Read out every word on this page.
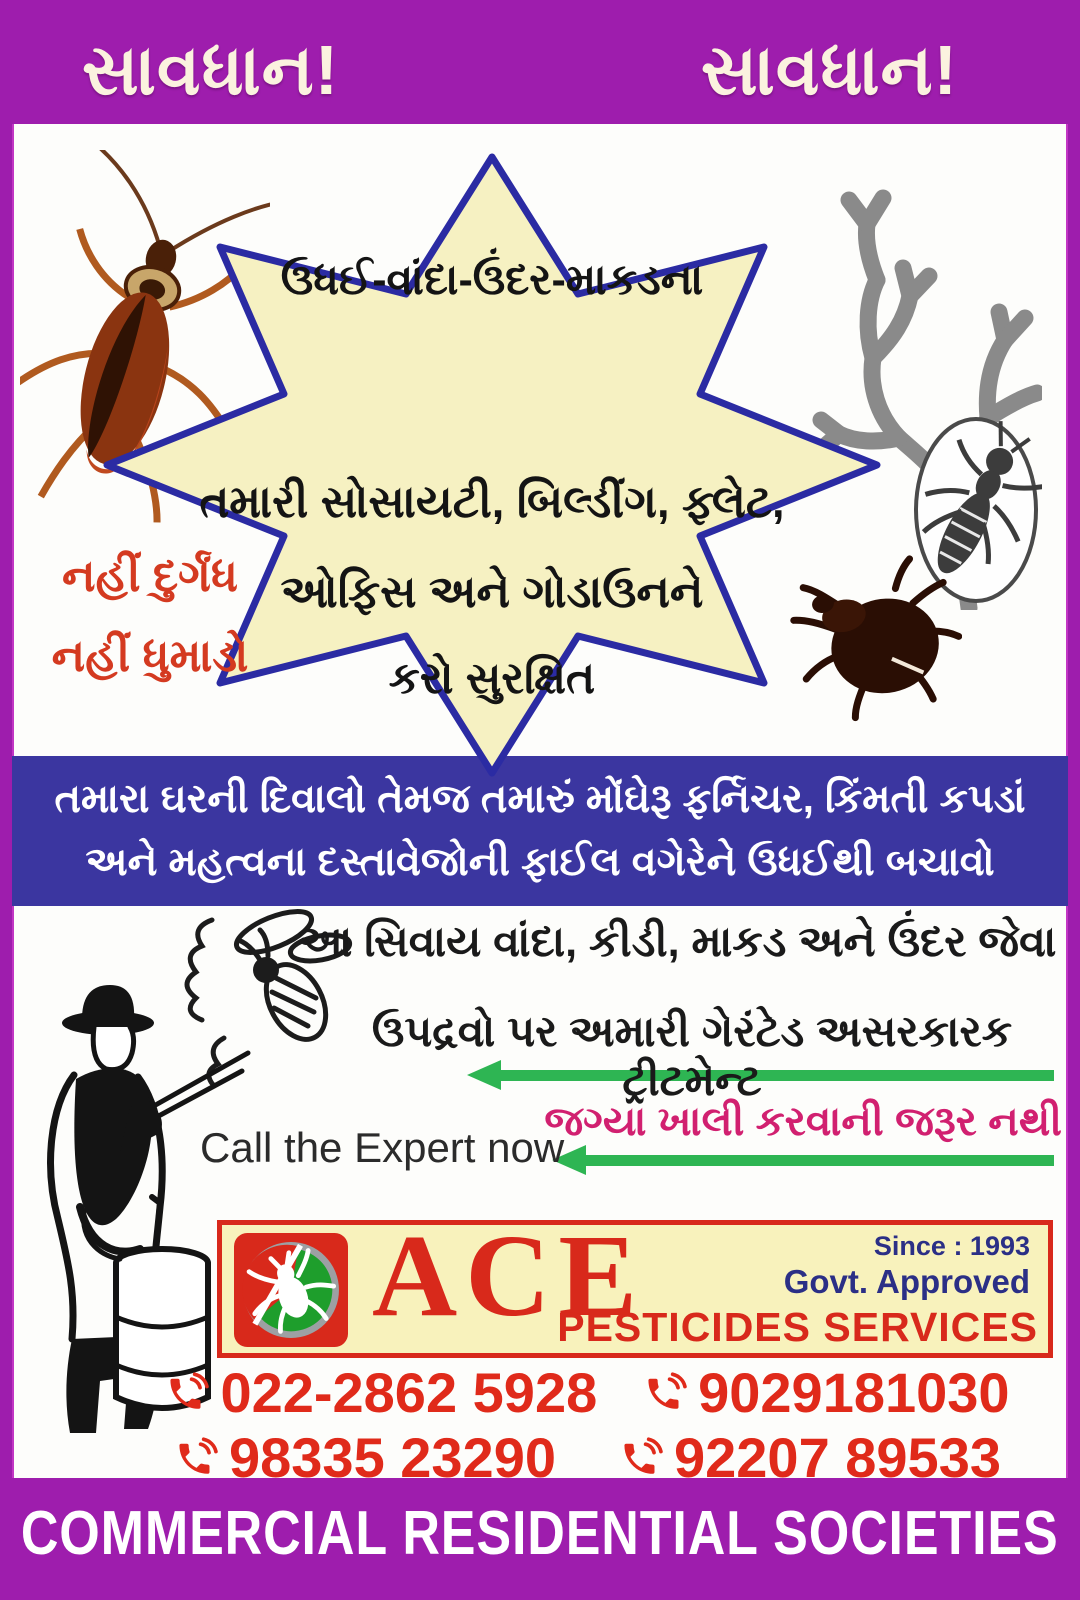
સાવધાન!	સાવધાન!
ઉધઈ-વાંદા-ઉંદર-માકડના
તમારી સોસાયટી, બિલ્ડીંગ, ફ્લેટ,
ઓફિસ અને ગોડાઉનને
કરો સુરક્ષિત
નહીં દુર્ગંધ
નહીં ધુમાડો
તમારા ઘરની દિવાલો તેમજ તમારું મોંઘેરૂ ફર્નિચર, કિંમતી કપડાં
અને મહત્વના દસ્તાવેજોની ફાઈલ વગેરેને ઉધઈથી બચાવો
આ સિવાય વાંદા, કીડી, માકડ અને ઉંદર જેવા
ઉપદ્રવો પર અમારી ગેરંટેડ અસરકારક ટ્રીટમેન્ટ
જગ્યા ખાલી કરવાની જરૂર નથી
Call the Expert now
ACE	Since : 1993
Govt. Approved
PESTICIDES SERVICES
022-2862 5928 9029181030
98335 23290 92207 89533
COMMERCIAL RESIDENTIAL SOCIETIES
